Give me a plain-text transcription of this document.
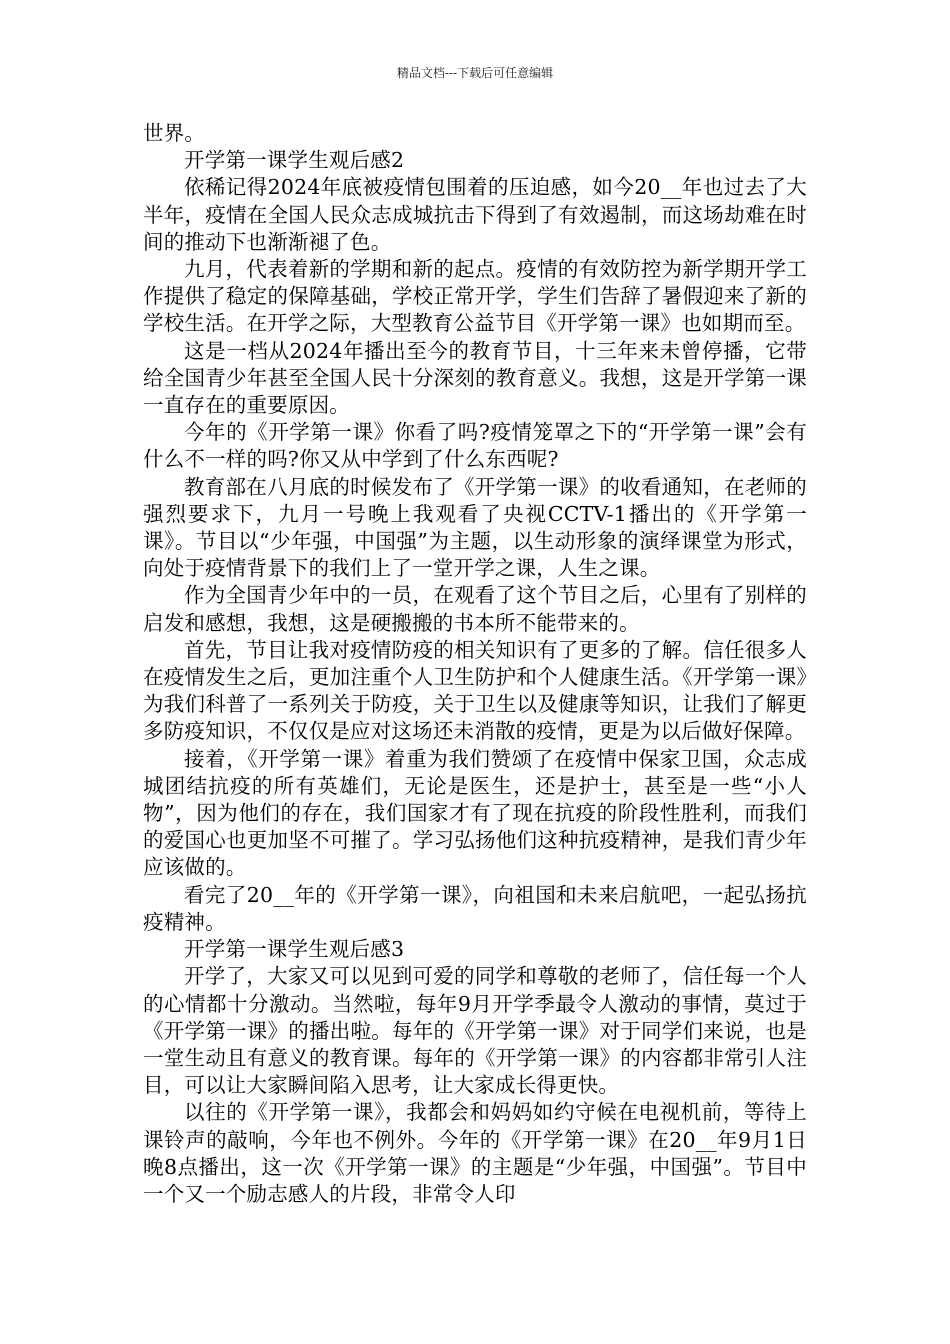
精品文档---下载后可任意编辑

世界。

开学第一课学生观后感2

依稀记得2024年底被疫情包围着的压迫感，如今20__年也过去了大半年，疫情在全国人民众志成城抗击下得到了有效遏制，而这场劫难在时间的推动下也渐渐褪了色。

九月，代表着新的学期和新的起点。疫情的有效防控为新学期开学工作提供了稳定的保障基础，学校正常开学，学生们告辞了暑假迎来了新的学校生活。在开学之际，大型教育公益节目《开学第一课》也如期而至。

这是一档从2024年播出至今的教育节目，十三年来未曾停播，它带给全国青少年甚至全国人民十分深刻的教育意义。我想，这是开学第一课一直存在的重要原因。

今年的《开学第一课》你看了吗?疫情笼罩之下的“开学第一课”会有什么不一样的吗?你又从中学到了什么东西呢?

教育部在八月底的时候发布了《开学第一课》的收看通知，在老师的强烈要求下，九月一号晚上我观看了央视CCTV-1播出的《开学第一课》。节目以“少年强，中国强”为主题，以生动形象的演绎课堂为形式，向处于疫情背景下的我们上了一堂开学之课，人生之课。

作为全国青少年中的一员，在观看了这个节目之后，心里有了别样的启发和感想，我想，这是硬搬搬的书本所不能带来的。

首先，节目让我对疫情防疫的相关知识有了更多的了解。信任很多人在疫情发生之后，更加注重个人卫生防护和个人健康生活。《开学第一课》为我们科普了一系列关于防疫，关于卫生以及健康等知识，让我们了解更多防疫知识，不仅仅是应对这场还未消散的疫情，更是为以后做好保障。

接着，《开学第一课》着重为我们赞颂了在疫情中保家卫国，众志成城团结抗疫的所有英雄们，无论是医生，还是护士，甚至是一些“小人物”，因为他们的存在，我们国家才有了现在抗疫的阶段性胜利，而我们的爱国心也更加坚不可摧了。学习弘扬他们这种抗疫精神，是我们青少年应该做的。

看完了20__年的《开学第一课》，向祖国和未来启航吧，一起弘扬抗疫精神。

开学第一课学生观后感3

开学了，大家又可以见到可爱的同学和尊敬的老师了，信任每一个人的心情都十分激动。当然啦，每年9月开学季最令人激动的事情，莫过于《开学第一课》的播出啦。每年的《开学第一课》对于同学们来说，也是一堂生动且有意义的教育课。每年的《开学第一课》的内容都非常引人注目，可以让大家瞬间陷入思考，让大家成长得更快。

以往的《开学第一课》，我都会和妈妈如约守候在电视机前，等待上课铃声的敲响，今年也不例外。今年的《开学第一课》在20__年9月1日晚8点播出，这一次《开学第一课》的主题是“少年强，中国强”。节目中一个又一个励志感人的片段，非常令人印
